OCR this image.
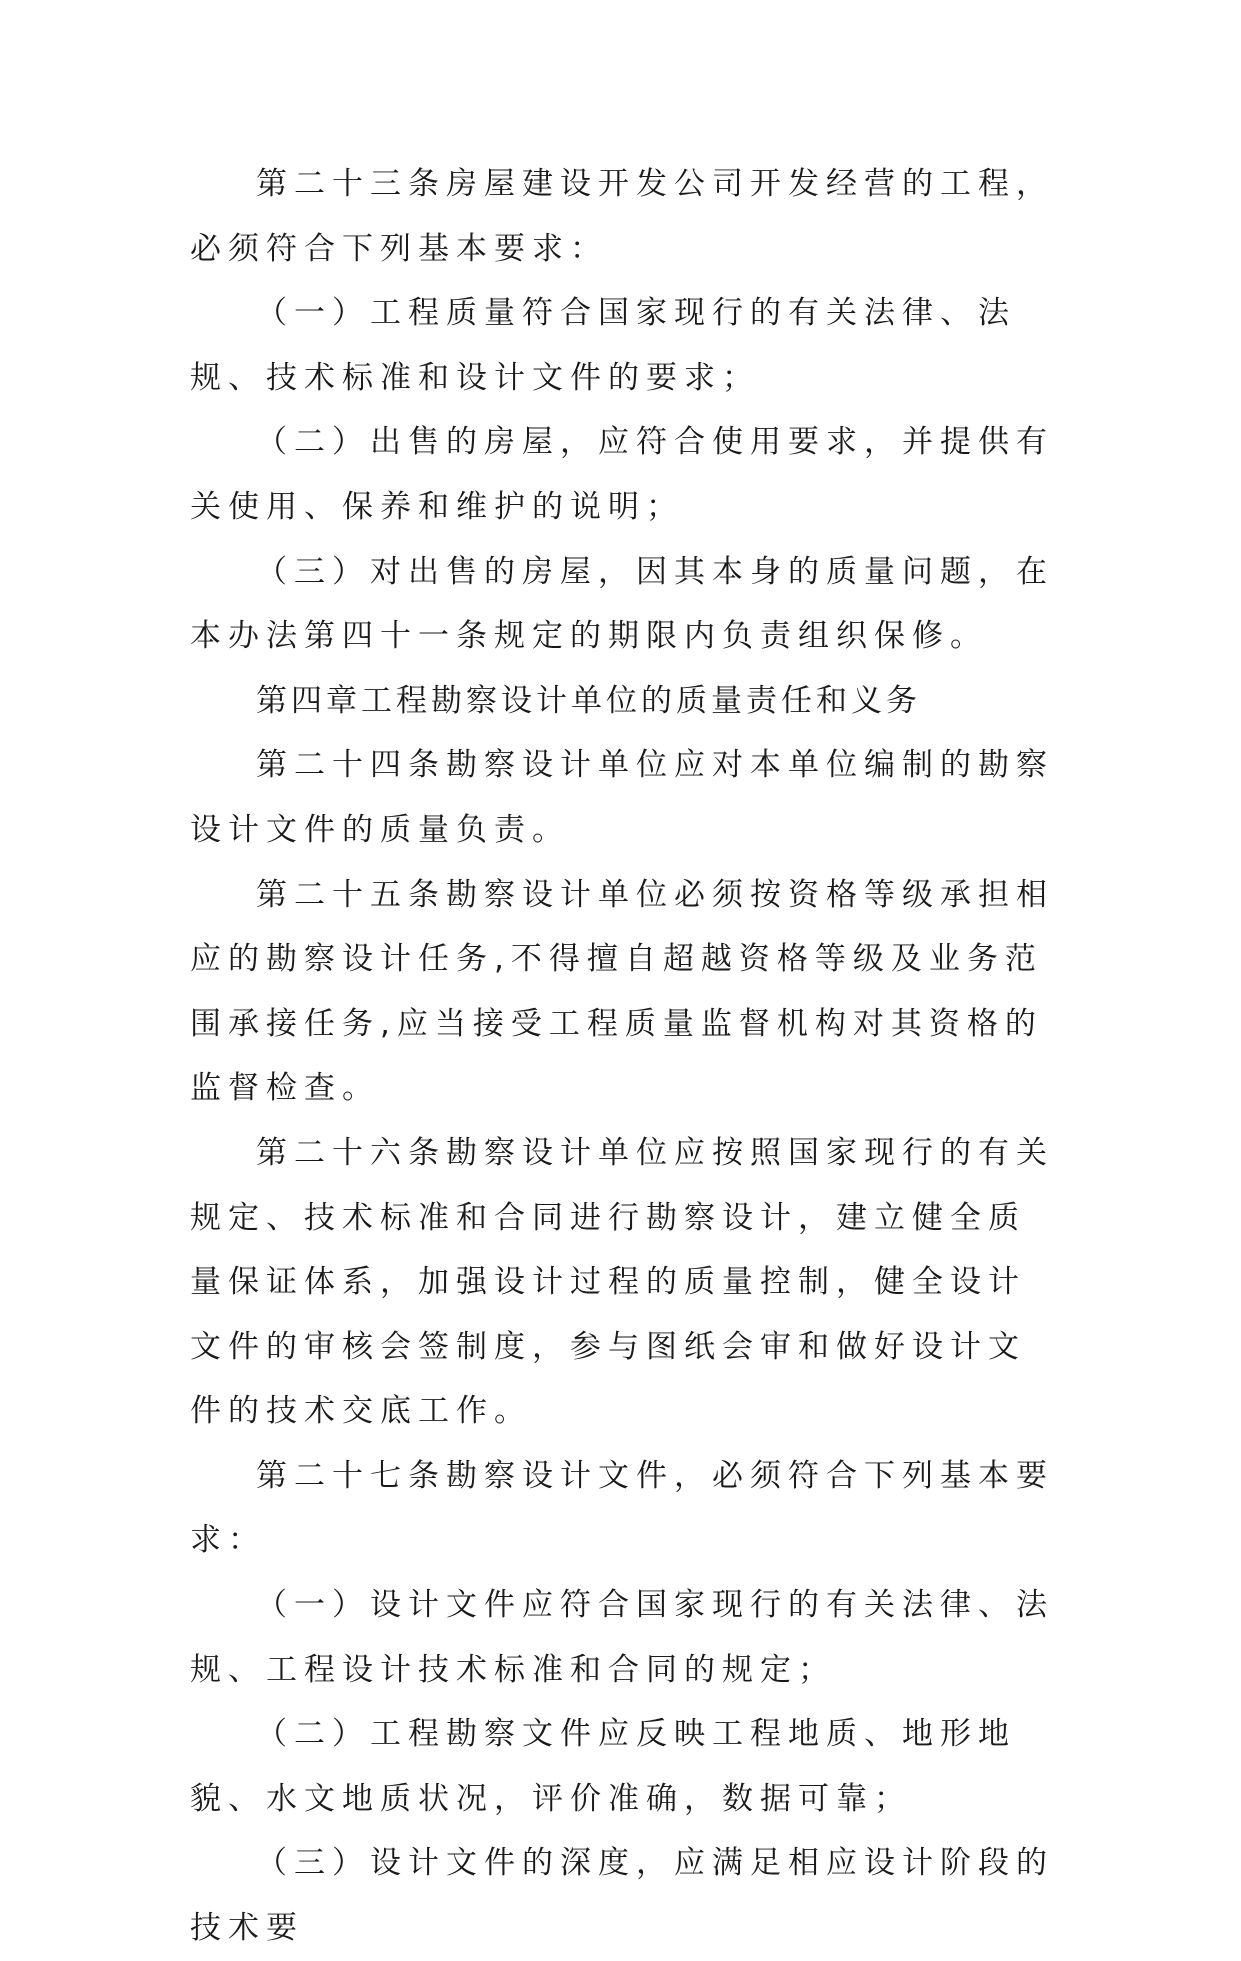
第二十三条房屋建设开发公司开发经营的工程，必须符合下列基本要求：

（一）工程质量符合国家现行的有关法律、法规、技术标准和设计文件的要求；

（二）出售的房屋，应符合使用要求，并提供有关使用、保养和维护的说明；

（三）对出售的房屋，因其本身的质量问题，在本办法第四十一条规定的期限内负责组织保修。

第四章工程勘察设计单位的质量责任和义务

第二十四条勘察设计单位应对本单位编制的勘察设计文件的质量负责。

第二十五条勘察设计单位必须按资格等级承担相应的勘察设计任务,不得擅自超越资格等级及业务范围承接任务,应当接受工程质量监督机构对其资格的监督检查。

第二十六条勘察设计单位应按照国家现行的有关规定、技术标准和合同进行勘察设计，建立健全质量保证体系，加强设计过程的质量控制，健全设计文件的审核会签制度，参与图纸会审和做好设计文件的技术交底工作。

第二十七条勘察设计文件，必须符合下列基本要求：

（一）设计文件应符合国家现行的有关法律、法规、工程设计技术标准和合同的规定；

（二）工程勘察文件应反映工程地质、地形地貌、水文地质状况，评价准确，数据可靠；

（三）设计文件的深度，应满足相应设计阶段的技术要
